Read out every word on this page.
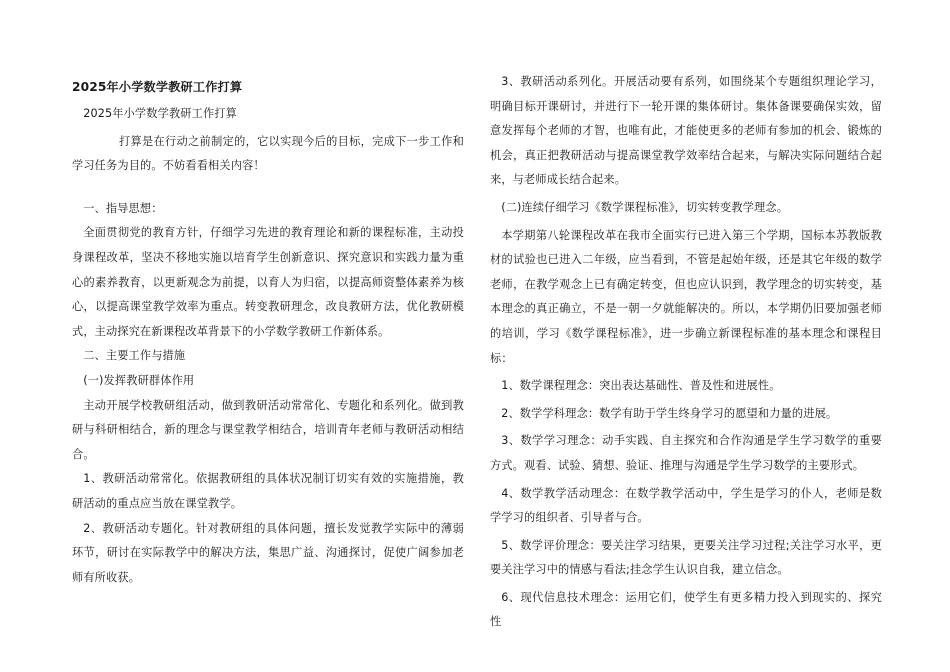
2025年小学数学教研工作打算

2025年小学数学教研工作打算

打算是在行动之前制定的，它以实现今后的目标，完成下一步工作和学习任务为目的。不妨看看相关内容！

一、指导思想：

全面贯彻党的教育方针，仔细学习先进的教育理论和新的课程标准，主动投身课程改革，坚决不移地实施以培育学生创新意识、探究意识和实践力量为重心的素养教育，以更新观念为前提，以育人为归宿，以提高师资整体素养为核心，以提高课堂教学效率为重点。转变教研理念，改良教研方法，优化教研模式，主动探究在新课程改革背景下的小学数学教研工作新体系。

二、主要工作与措施

(一)发挥教研群体作用

主动开展学校教研组活动，做到教研活动常常化、专题化和系列化。做到教研与科研相结合，新的理念与课堂教学相结合，培训青年老师与教研活动相结合。

1、教研活动常常化。依据教研组的具体状况制订切实有效的实施措施，教研活动的重点应当放在课堂教学。

2、教研活动专题化。针对教研组的具体问题，擅长发觉教学实际中的薄弱环节，研讨在实际教学中的解决方法，集思广益、沟通探讨，促使广阔参加老师有所收获。

3、教研活动系列化。开展活动要有系列，如围绕某个专题组织理论学习，明确目标开课研讨，并进行下一轮开课的集体研讨。集体备课要确保实效，留意发挥每个老师的才智，也唯有此，才能使更多的老师有参加的机会、锻炼的机会，真正把教研活动与提高课堂教学效率结合起来，与解决实际问题结合起来，与老师成长结合起来。

(二)连续仔细学习《数学课程标准》，切实转变教学理念。

本学期第八轮课程改革在我市全面实行已进入第三个学期，国标本苏教版教材的试验也已进入二年级，应当看到，不管是起始年级，还是其它年级的数学老师，在教学观念上已有确定转变，但也应认识到，教学理念的切实转变，基本理念的真正确立，不是一朝一夕就能解决的。所以，本学期仍旧要加强老师的培训，学习《数学课程标准》，进一步确立新课程标准的基本理念和课程目标：

1、数学课程理念：突出表达基础性、普及性和进展性。

2、数学学科理念：数学有助于学生终身学习的愿望和力量的进展。

3、数学学习理念：动手实践、自主探究和合作沟通是学生学习数学的重要方式。观看、试验、猜想、验证、推理与沟通是学生学习数学的主要形式。

4、数学教学活动理念：在数学教学活动中，学生是学习的仆人，老师是数学学习的组织者、引导者与合。

5、数学评价理念：要关注学习结果，更要关注学习过程;关注学习水平，更要关注学习中的情感与看法;挂念学生认识自我，建立信念。

6、现代信息技术理念：运用它们，使学生有更多精力投入到现实的、探究性
